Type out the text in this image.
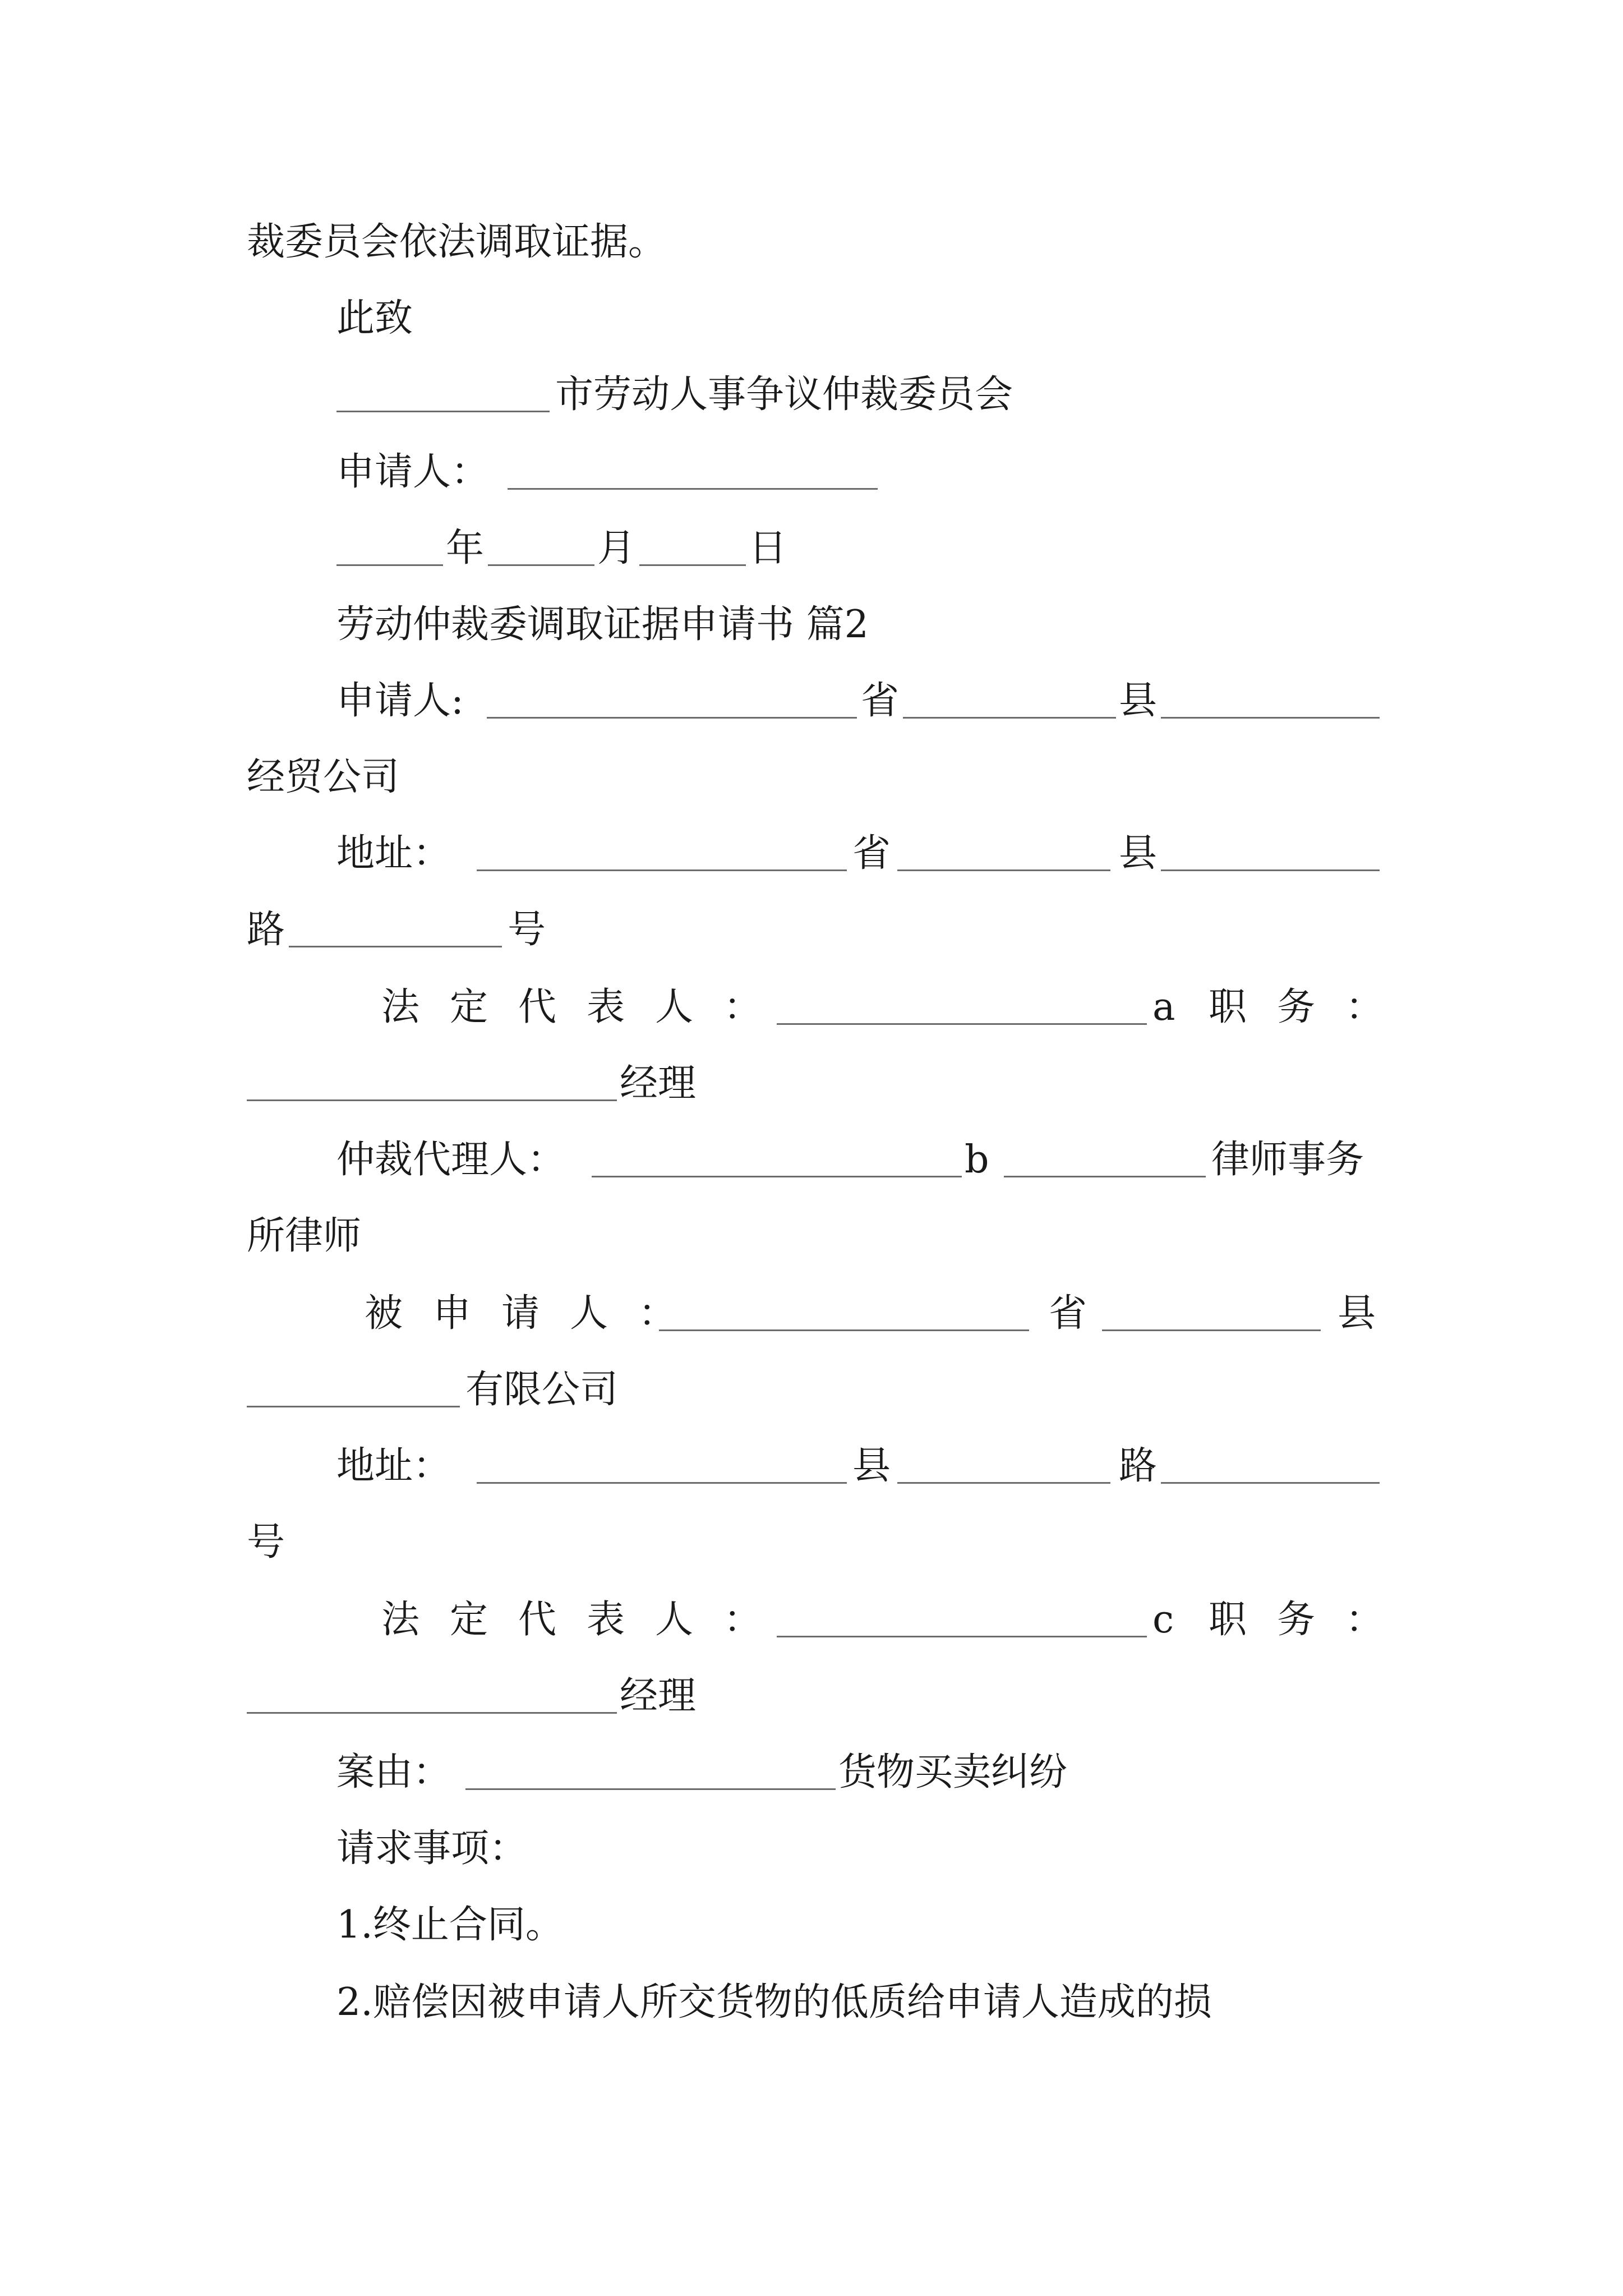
裁委员会依法调取证据。
此致
市劳动人事争议仲裁委员会
申请人：
年	月	日
劳动仲裁委调取证据申请书 篇2
申请人:	省	县
经贸公司
地址：	省	县
路	号
法定代表人：	a 职务：
经理
仲裁代理人：	b	律师事务
所律师
被申请人：	省	县
有限公司
地址：	县	路
号
法定代表人：	c 职务：
经理
案由：	货物买卖纠纷
请求事项：
1.终止合同。
2.赔偿因被申请人所交货物的低质给申请人造成的损
